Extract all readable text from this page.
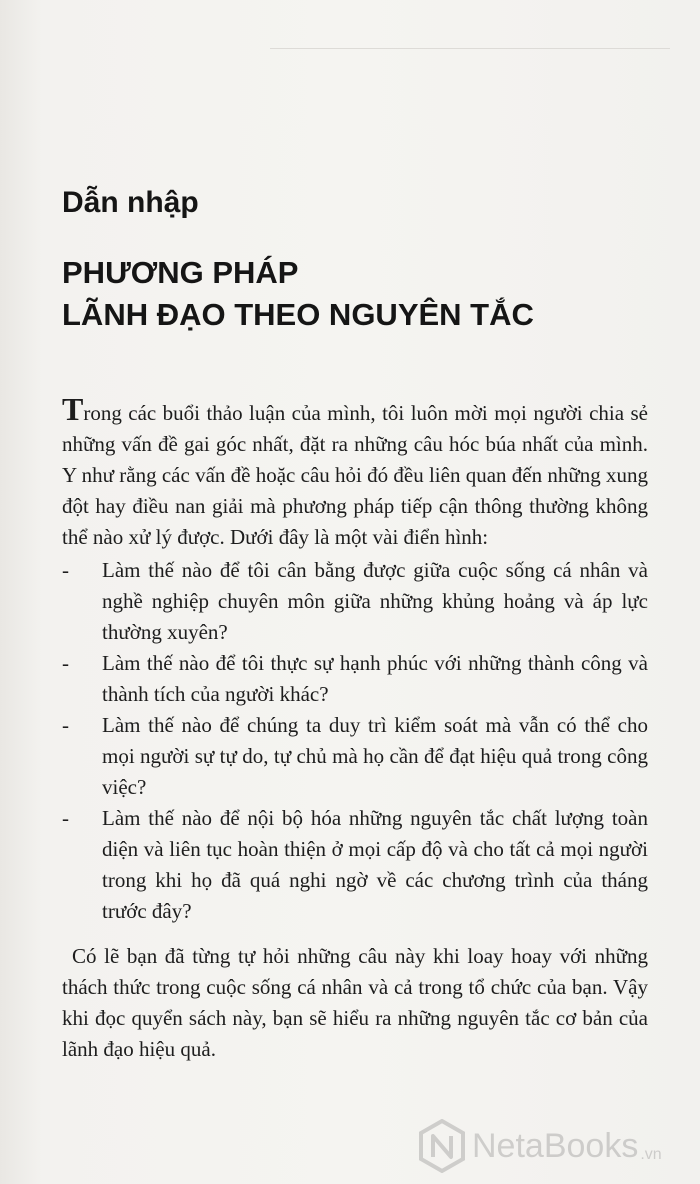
Dẫn nhập
PHƯƠNG PHÁP
LÃNH ĐẠO THEO NGUYÊN TẮC

Trong các buổi thảo luận của mình, tôi luôn mời mọi người chia sẻ những vấn đề gai góc nhất, đặt ra những câu hóc búa nhất của mình. Y như rằng các vấn đề hoặc câu hỏi đó đều liên quan đến những xung đột hay điều nan giải mà phương pháp tiếp cận thông thường không thể nào xử lý được. Dưới đây là một vài điển hình:

-	Làm thế nào để tôi cân bằng được giữa cuộc sống cá nhân và nghề nghiệp chuyên môn giữa những khủng hoảng và áp lực thường xuyên?
-	Làm thế nào để tôi thực sự hạnh phúc với những thành công và thành tích của người khác?
-	Làm thế nào để chúng ta duy trì kiểm soát mà vẫn có thể cho mọi người sự tự do, tự chủ mà họ cần để đạt hiệu quả trong công việc?
-	Làm thế nào để nội bộ hóa những nguyên tắc chất lượng toàn diện và liên tục hoàn thiện ở mọi cấp độ và cho tất cả mọi người trong khi họ đã quá nghi ngờ về các chương trình của tháng trước đây?

Có lẽ bạn đã từng tự hỏi những câu này khi loay hoay với những thách thức trong cuộc sống cá nhân và cả trong tổ chức của bạn. Vậy khi đọc quyển sách này, bạn sẽ hiểu ra những nguyên tắc cơ bản của lãnh đạo hiệu quả.

NetaBooks .vn
